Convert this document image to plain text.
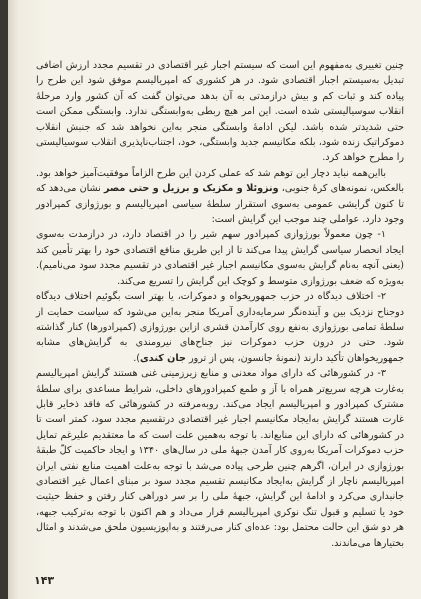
چنین تغییری به‌مفهوم این است که سیستم اجبار غیر اقتصادی در تقسیم مجدد ارزش اضافی تبدیل به‌سیستم اجبار اقتصادی شود. در هر کشوری که امپریالیسم موفق شود این طرح را پیاده کند و ثبات کم و بیش درازمدتی به آن بدهد می‌توان گفت که آن کشور وارد مرحلهٔ انقلاب سوسیالیستی شده است. این امر هیچ ربطی به‌وابستگی ندارد. وابستگی ممکن است حتی شدیدتر شده باشد. لیکن ادامهٔ وابستگی منجر به‌این نخواهد شد که جنبش انقلاب دموکراتیک زنده شود، بلکه مکانیسم جدید وابستگی، خود، اجتناب‌ناپذیری انقلاب سوسیالیستی را مطرح خواهد کرد.

بااین‌همه نباید دچار این توهم شد که عملی کردن این طرح الزاماً موفقیت‌آمیز خواهد بود. بالعکس، نمونه‌های کرهٔ جنوبی، ونزوئلا و مکزیک و برزیل و حتی مصر نشان می‌دهد که تا کنون گرایشی عمومی به‌سوی استقرار سلطهٔ سیاسی امپریالیسم و بورژوازی کمپرادور وجود دارد. عواملی چند موجب این گرایش است:

۱- چون معمولاً بورژوازی کمپرادور سهم شیر را در اقتصاد دارد، در درازمدت به‌سوی ایجاد انحصار سیاسی گرایش پیدا می‌کند تا از این طریق منافع اقتصادی خود را بهتر تأمین کند (یعنی آنچه به‌نام گرایش به‌سوی مکانیسم اجبار غیر اقتصادی در تقسیم مجدد سود می‌نامیم). به‌ویژه که ضعف بورژوازی متوسط و کوچک این گرایش را تسریع می‌کند.

۲- اختلاف دیدگاه در حزب جمهوریخواه و دموکرات، یا بهتر است بگوئیم اختلاف دیدگاه دوجناح نزدیک بین و آینده‌نگر سرمایه‌داری آمریکا منجر به‌این می‌شود که سیاست حمایت از سلطهٔ تمامی بورژوازی به‌نفع روی کارآمدن قشری ازاین بورژوازی (کمپرادورها) کنار گذاشته شود. حتی در درون حزب دموکرات نیز جناح‌های نیرومندی به‌ گرایش‌های مشابه جمهوریخواهان تأکید دارند (نمونهٔ جانسون، پس از ترور جان کندی).

۳- در کشورهائی که دارای مواد معدنی و منابع زیرزمینی غنی هستند گرایش امپریالیسم به‌غارت هرچه سریع‌تر همراه با آز و طمع کمپرادورهای داخلی، شرایط مساعدی برای سلطهٔ مشترک کمپرادور و امپریالیسم ایجاد می‌کند. روبه‌مرفته در کشورهائی که فاقد ذخایر قابل غارت هستند گرایش به‌ایجاد مکانیسم اجبار غیر اقتصادی درتقسیم مجدد سود، کمتر است تا در کشورهائی که دارای این منابع‌اند. با توجه به‌همین علت است که ما معتقدیم علیرغم تمایل حزب دموکرات آمریکا به‌روی کار آمدن جبههٔ ملی در سال‌های ۱۳۴۰ و ایجاد حاکمیت کلّ طبقهٔ بورژوازی در ایران، اگرهم چنین طرحی پیاده می‌شد با توجه به‌علت اهمیت منابع نفتی ایران امپریالیسم ناچار از گرایش به‌ایجاد مکانیسم تقسیم مجدد سود بر مبنای اعمال غیر اقتصادی جانبداری می‌کرد و ادامهٔ این گرایش، جبههٔ ملی را بر سر دوراهی کنار رفتن و حفظ حیثیت خود یا تسلیم و قبول تنگ نوکری امپریالیسم قرار می‌داد و هم اکنون با توجه به‌ترکیب جبهه، هر دو شق این حالت محتمل بود: عده‌ای کنار می‌رفتند و به‌اپوزیسیون ملحق می‌شدند و امثال بختیارها می‌ماندند.

۱۴۳
